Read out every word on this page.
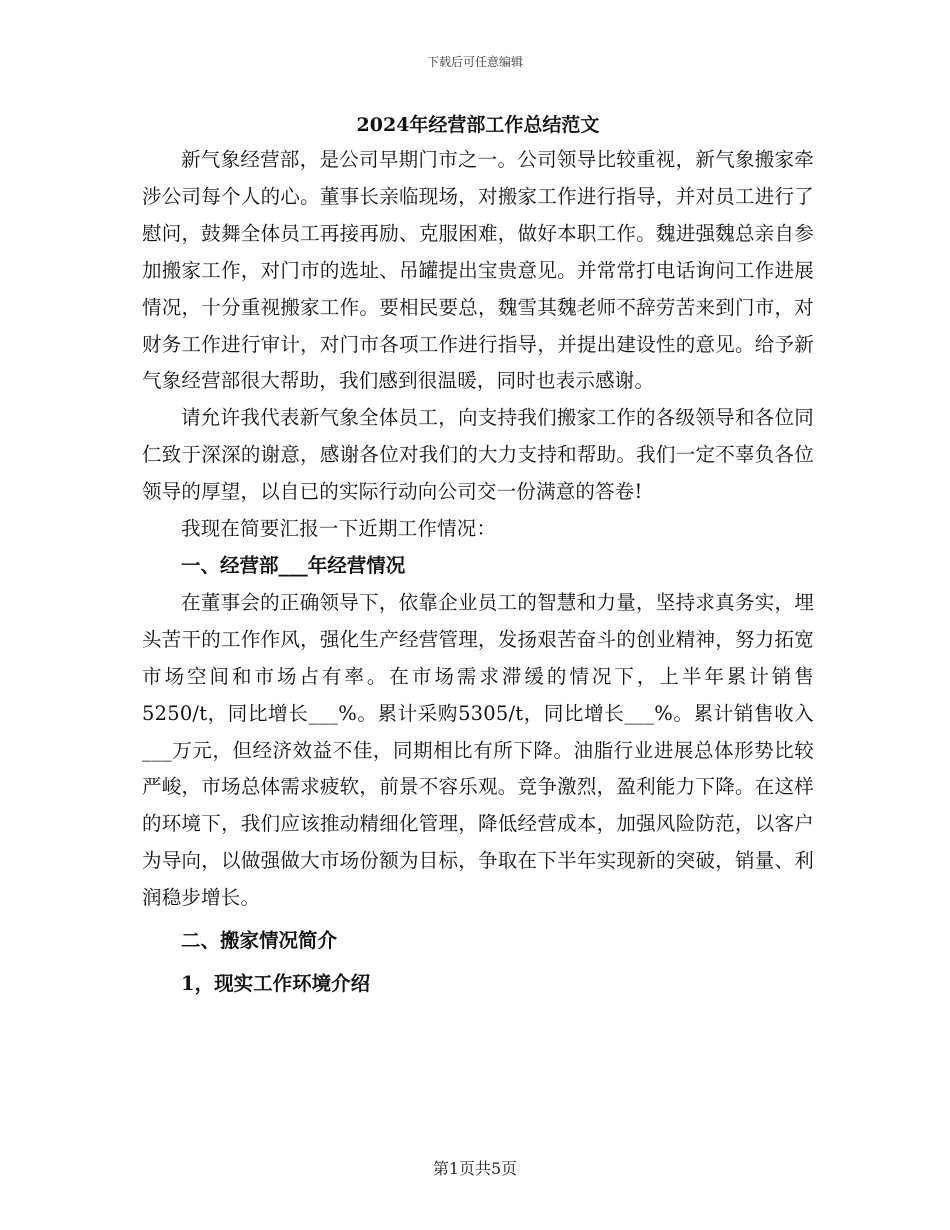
下载后可任意编辑
2024年经营部工作总结范文

新气象经营部，是公司早期门市之一。公司领导比较重视，新气象搬家牵涉公司每个人的心。董事长亲临现场，对搬家工作进行指导，并对员工进行了慰问，鼓舞全体员工再接再励、克服困难，做好本职工作。魏进强魏总亲自参加搬家工作，对门市的选址、吊罐提出宝贵意见。并常常打电话询问工作进展情况，十分重视搬家工作。要相民要总，魏雪其魏老师不辞劳苦来到门市，对财务工作进行审计，对门市各项工作进行指导，并提出建设性的意见。给予新气象经营部很大帮助，我们感到很温暖，同时也表示感谢。

请允许我代表新气象全体员工，向支持我们搬家工作的各级领导和各位同仁致于深深的谢意，感谢各位对我们的大力支持和帮助。我们一定不辜负各位领导的厚望，以自已的实际行动向公司交一份满意的答卷!

我现在简要汇报一下近期工作情况：

一、经营部___年经营情况

在董事会的正确领导下，依靠企业员工的智慧和力量，坚持求真务实，埋头苦干的工作作风，强化生产经营管理，发扬艰苦奋斗的创业精神，努力拓宽市场空间和市场占有率。在市场需求滞缓的情况下，上半年累计销售5250/t，同比增长___%。累计采购5305/t，同比增长___%。累计销售收入___万元，但经济效益不佳，同期相比有所下降。油脂行业进展总体形势比较严峻，市场总体需求疲软，前景不容乐观。竞争激烈，盈利能力下降。在这样的环境下，我们应该推动精细化管理，降低经营成本，加强风险防范，以客户为导向，以做强做大市场份额为目标，争取在下半年实现新的突破，销量、利润稳步增长。

二、搬家情况简介
1，现实工作环境介绍
第1页共5页
